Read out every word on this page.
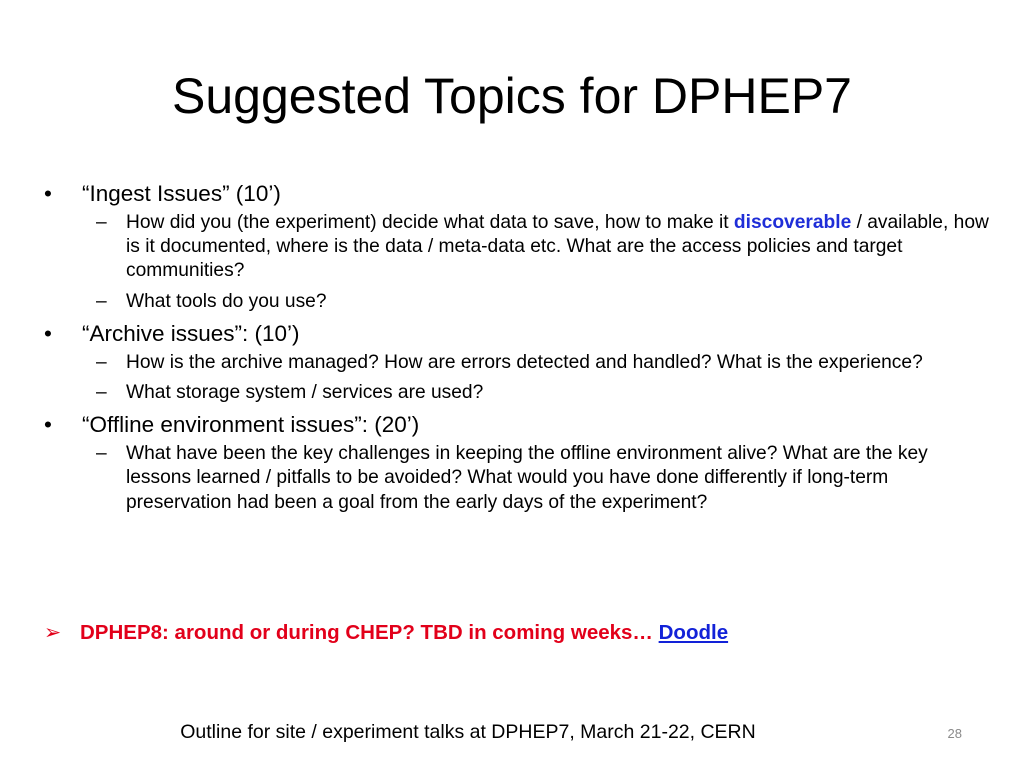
Suggested Topics for DPHEP7
• “Ingest Issues” (10’)
– How did you (the experiment) decide what data to save, how to make it discoverable / available, how is it documented, where is the data / meta-data etc. What are the access policies and target communities?
– What tools do you use?
• “Archive issues”: (10’)
– How is the archive managed? How are errors detected and handled? What is the experience?
– What storage system / services are used?
• “Offline environment issues”: (20’)
– What have been the key challenges in keeping the offline environment alive? What are the key lessons learned / pitfalls to be avoided? What would you have done differently if long-term preservation had been a goal from the early days of the experiment?
➢ DPHEP8: around or during CHEP? TBD in coming weeks… Doodle
Outline for site / experiment talks at DPHEP7, March 21-22, CERN	28
